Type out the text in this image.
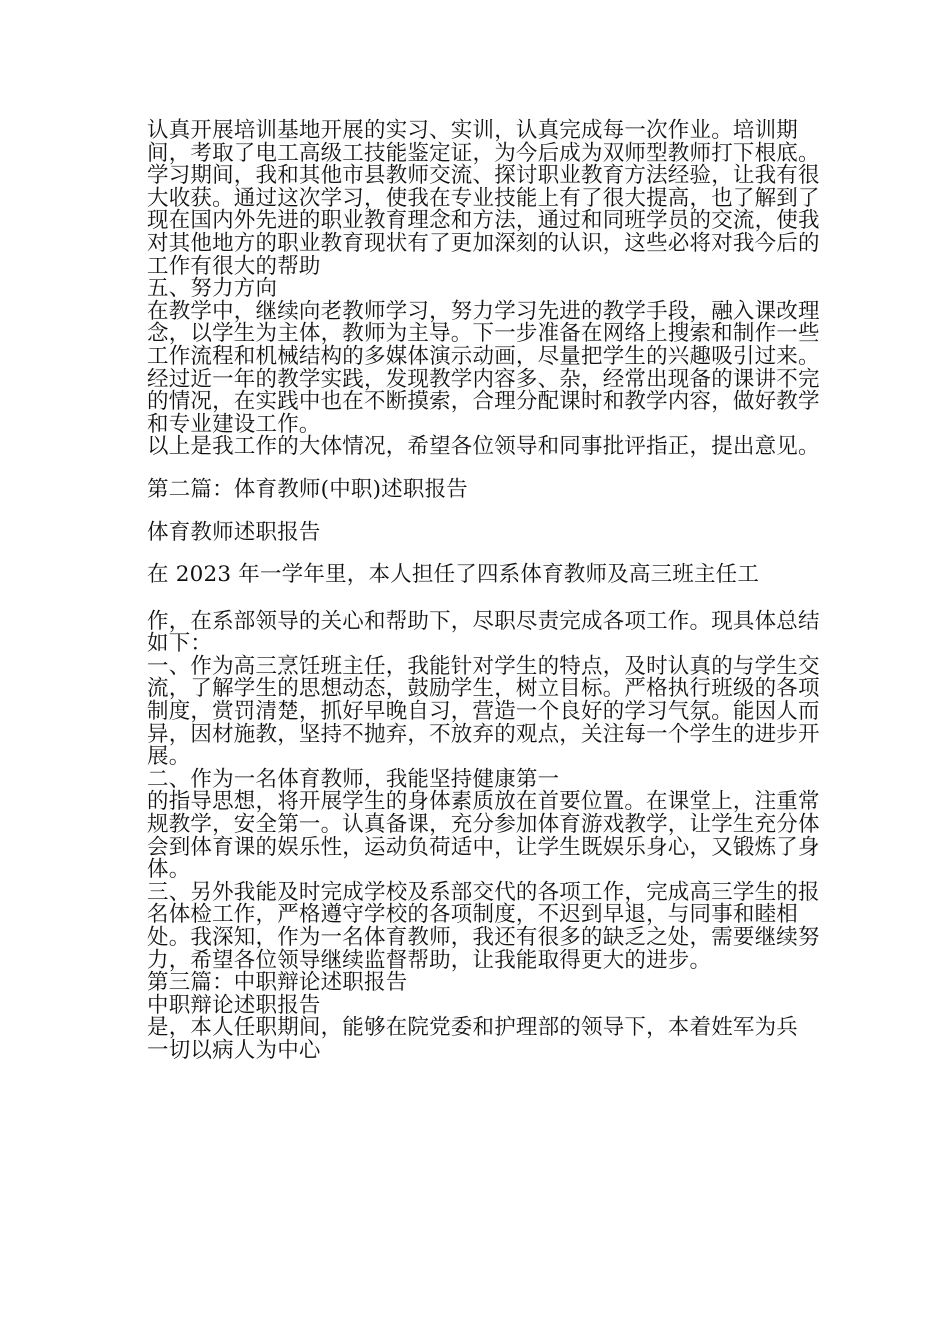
认真开展培训基地开展的实习、实训，认真完成每一次作业。培训期间，考取了电工高级工技能鉴定证，为今后成为双师型教师打下根底。

学习期间，我和其他市县教师交流、探讨职业教育方法经验，让我有很大收获。通过这次学习，使我在专业技能上有了很大提高，也了解到了现在国内外先进的职业教育理念和方法，通过和同班学员的交流，使我对其他地方的职业教育现状有了更加深刻的认识，这些必将对我今后的工作有很大的帮助

五、努力方向

在教学中，继续向老教师学习，努力学习先进的教学手段，融入课改理念，以学生为主体，教师为主导。下一步准备在网络上搜索和制作一些工作流程和机械结构的多媒体演示动画，尽量把学生的兴趣吸引过来。经过近一年的教学实践，发现教学内容多、杂，经常出现备的课讲不完的情况，在实践中也在不断摸索，合理分配课时和教学内容，做好教学和专业建设工作。

以上是我工作的大体情况，希望各位领导和同事批评指正，提出意见。

第二篇：体育教师(中职)述职报告

体育教师述职报告

在 2023 年一学年里，本人担任了四系体育教师及高三班主任工

作，在系部领导的关心和帮助下，尽职尽责完成各项工作。现具体总结如下：

一、作为高三烹饪班主任，我能针对学生的特点，及时认真的与学生交流，了解学生的思想动态，鼓励学生，树立目标。严格执行班级的各项制度，赏罚清楚，抓好早晚自习，营造一个良好的学习气氛。能因人而异，因材施教，坚持不抛弃，不放弃的观点，关注每一个学生的进步开展。

二、作为一名体育教师，我能坚持健康第一

的指导思想，将开展学生的身体素质放在首要位置。在课堂上，注重常规教学，安全第一。认真备课，充分参加体育游戏教学，让学生充分体会到体育课的娱乐性，运动负荷适中，让学生既娱乐身心，又锻炼了身体。

三、另外我能及时完成学校及系部交代的各项工作，完成高三学生的报名体检工作，严格遵守学校的各项制度，不迟到早退，与同事和睦相处。我深知，作为一名体育教师，我还有很多的缺乏之处，需要继续努力，希望各位领导继续监督帮助，让我能取得更大的进步。

第三篇：中职辩论述职报告

中职辩论述职报告

是，本人任职期间，能够在院党委和护理部的领导下，本着姓军为兵

一切以病人为中心
